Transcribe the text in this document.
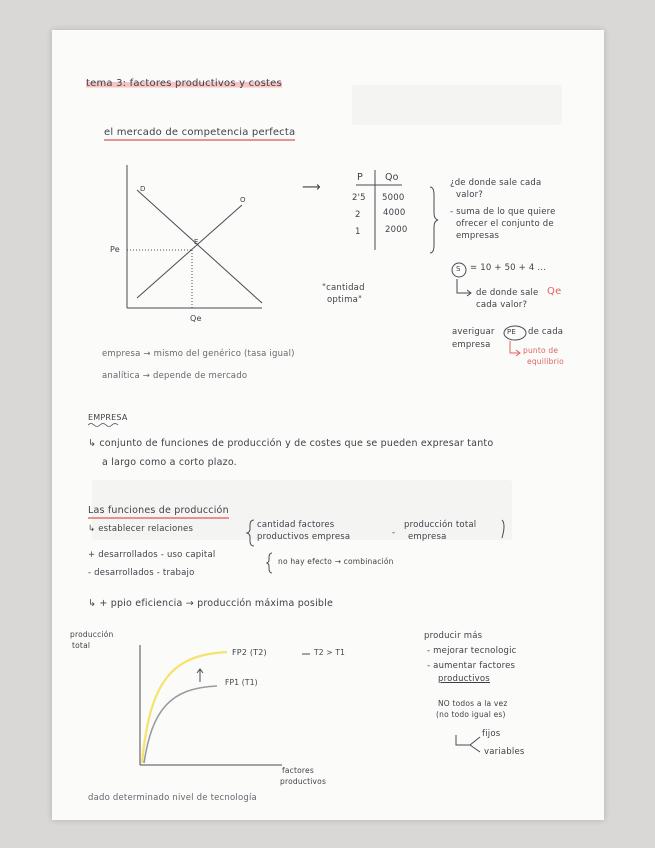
tema 3: factores productivos y costes
el mercado de competencia perfecta
D
O
E
Pe
Qe
⟶
P Qo
2'5 5000
2	4000
1	2000
"cantidad
optima"
¿de donde sale cada
valor?
- suma de lo que quiere
ofrecer el conjunto de
empresas
S = 10 + 50 + 4 ...
de donde sale Qe
cada valor?
averiguar PE de cada
empresa
punto de
equilibrio
empresa → mismo del genérico (tasa igual)
analítica → depende de mercado
EMPRESA
↳ conjunto de funciones de producción y de costes que se pueden expresar tanto
a largo como a corto plazo.
Las funciones de producción
↳ establecer relaciones	cantidad factores
productivos empresa	-
producción total
empresa
+ desarrollados - uso capital
- desarrollados - trabajo
no hay efecto → combinación
↳ + ppio eficiencia → producción máxima posible
producción
total
FP2 (T2)	T2 > T1
FP1 (T1)
factores
productivos
dado determinado nivel de tecnología
producir más
- mejorar tecnologic
- aumentar factores
productivos
NO todos a la vez
(no todo igual es)
fijos
variables
